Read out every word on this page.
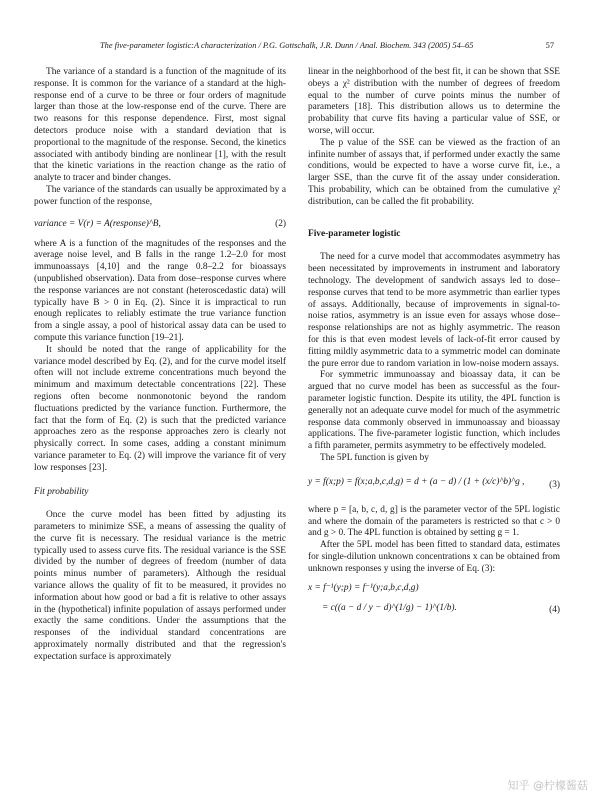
The five-parameter logistic:A characterization / P.G. Gottschalk, J.R. Dunn / Anal. Biochem. 343 (2005) 54–65	57

The variance of a standard is a function of the magnitude of its response. It is common for the variance of a standard at the high-response end of a curve to be three or four orders of magnitude larger than those at the low-response end of the curve. There are two reasons for this response dependence. First, most signal detectors produce noise with a standard deviation that is proportional to the magnitude of the response. Second, the kinetics associated with antibody binding are nonlinear [1], with the result that the kinetic variations in the reaction change as the ratio of analyte to tracer and binder changes.

The variance of the standards can usually be approximated by a power function of the response,

variance = V(r) = A(response)^B,	(2)

where A is a function of the magnitudes of the responses and the average noise level, and B falls in the range 1.2–2.0 for most immunoassays [4,10] and the range 0.8–2.2 for bioassays (unpublished observation). Data from dose–response curves where the response variances are not constant (heteroscedastic data) will typically have B > 0 in Eq. (2). Since it is impractical to run enough replicates to reliably estimate the true variance function from a single assay, a pool of historical assay data can be used to compute this variance function [19–21].

It should be noted that the range of applicability for the variance model described by Eq. (2), and for the curve model itself often will not include extreme concentrations much beyond the minimum and maximum detectable concentrations [22]. These regions often become nonmonotonic beyond the random fluctuations predicted by the variance function. Furthermore, the fact that the form of Eq. (2) is such that the predicted variance approaches zero as the response approaches zero is clearly not physically correct. In some cases, adding a constant minimum variance parameter to Eq. (2) will improve the variance fit of very low responses [23].

Fit probability

Once the curve model has been fitted by adjusting its parameters to minimize SSE, a means of assessing the quality of the curve fit is necessary. The residual variance is the metric typically used to assess curve fits. The residual variance is the SSE divided by the number of degrees of freedom (number of data points minus number of parameters). Although the residual variance allows the quality of fit to be measured, it provides no information about how good or bad a fit is relative to other assays in the (hypothetical) infinite population of assays performed under exactly the same conditions. Under the assumptions that the responses of the individual standard concentrations are approximately normally distributed and that the regression's expectation surface is approximately

linear in the neighborhood of the best fit, it can be shown that SSE obeys a χ² distribution with the number of degrees of freedom equal to the number of curve points minus the number of parameters [18]. This distribution allows us to determine the probability that curve fits having a particular value of SSE, or worse, will occur.

The p value of the SSE can be viewed as the fraction of an infinite number of assays that, if performed under exactly the same conditions, would be expected to have a worse curve fit, i.e., a larger SSE, than the curve fit of the assay under consideration. This probability, which can be obtained from the cumulative χ² distribution, can be called the fit probability.

Five-parameter logistic

The need for a curve model that accommodates asymmetry has been necessitated by improvements in instrument and laboratory technology. The development of sandwich assays led to dose–response curves that tend to be more asymmetric than earlier types of assays. Additionally, because of improvements in signal-to-noise ratios, asymmetry is an issue even for assays whose dose–response relationships are not as highly asymmetric. The reason for this is that even modest levels of lack-of-fit error caused by fitting mildly asymmetric data to a symmetric model can dominate the pure error due to random variation in low-noise modern assays.

For symmetric immunoassay and bioassay data, it can be argued that no curve model has been as successful as the four-parameter logistic function. Despite its utility, the 4PL function is generally not an adequate curve model for much of the asymmetric response data commonly observed in immunoassay and bioassay applications. The five-parameter logistic function, which includes a fifth parameter, permits asymmetry to be effectively modeled.

The 5PL function is given by

y = f(x;p) = f(x;a,b,c,d,g) = d + (a − d) / (1 + (x/c)^b)^g ,	(3)

where p = [a, b, c, d, g] is the parameter vector of the 5PL logistic and where the domain of the parameters is restricted so that c > 0 and g > 0. The 4PL function is obtained by setting g = 1.

After the 5PL model has been fitted to standard data, estimates for single-dilution unknown concentrations x can be obtained from unknown responses y using the inverse of Eq. (3):

x = f⁻¹(y;p) = f⁻¹(y;a,b,c,d,g)
= c((a − d / y − d)^(1/g) − 1)^(1/b).	(4)
知乎 @柠檬酱菇
